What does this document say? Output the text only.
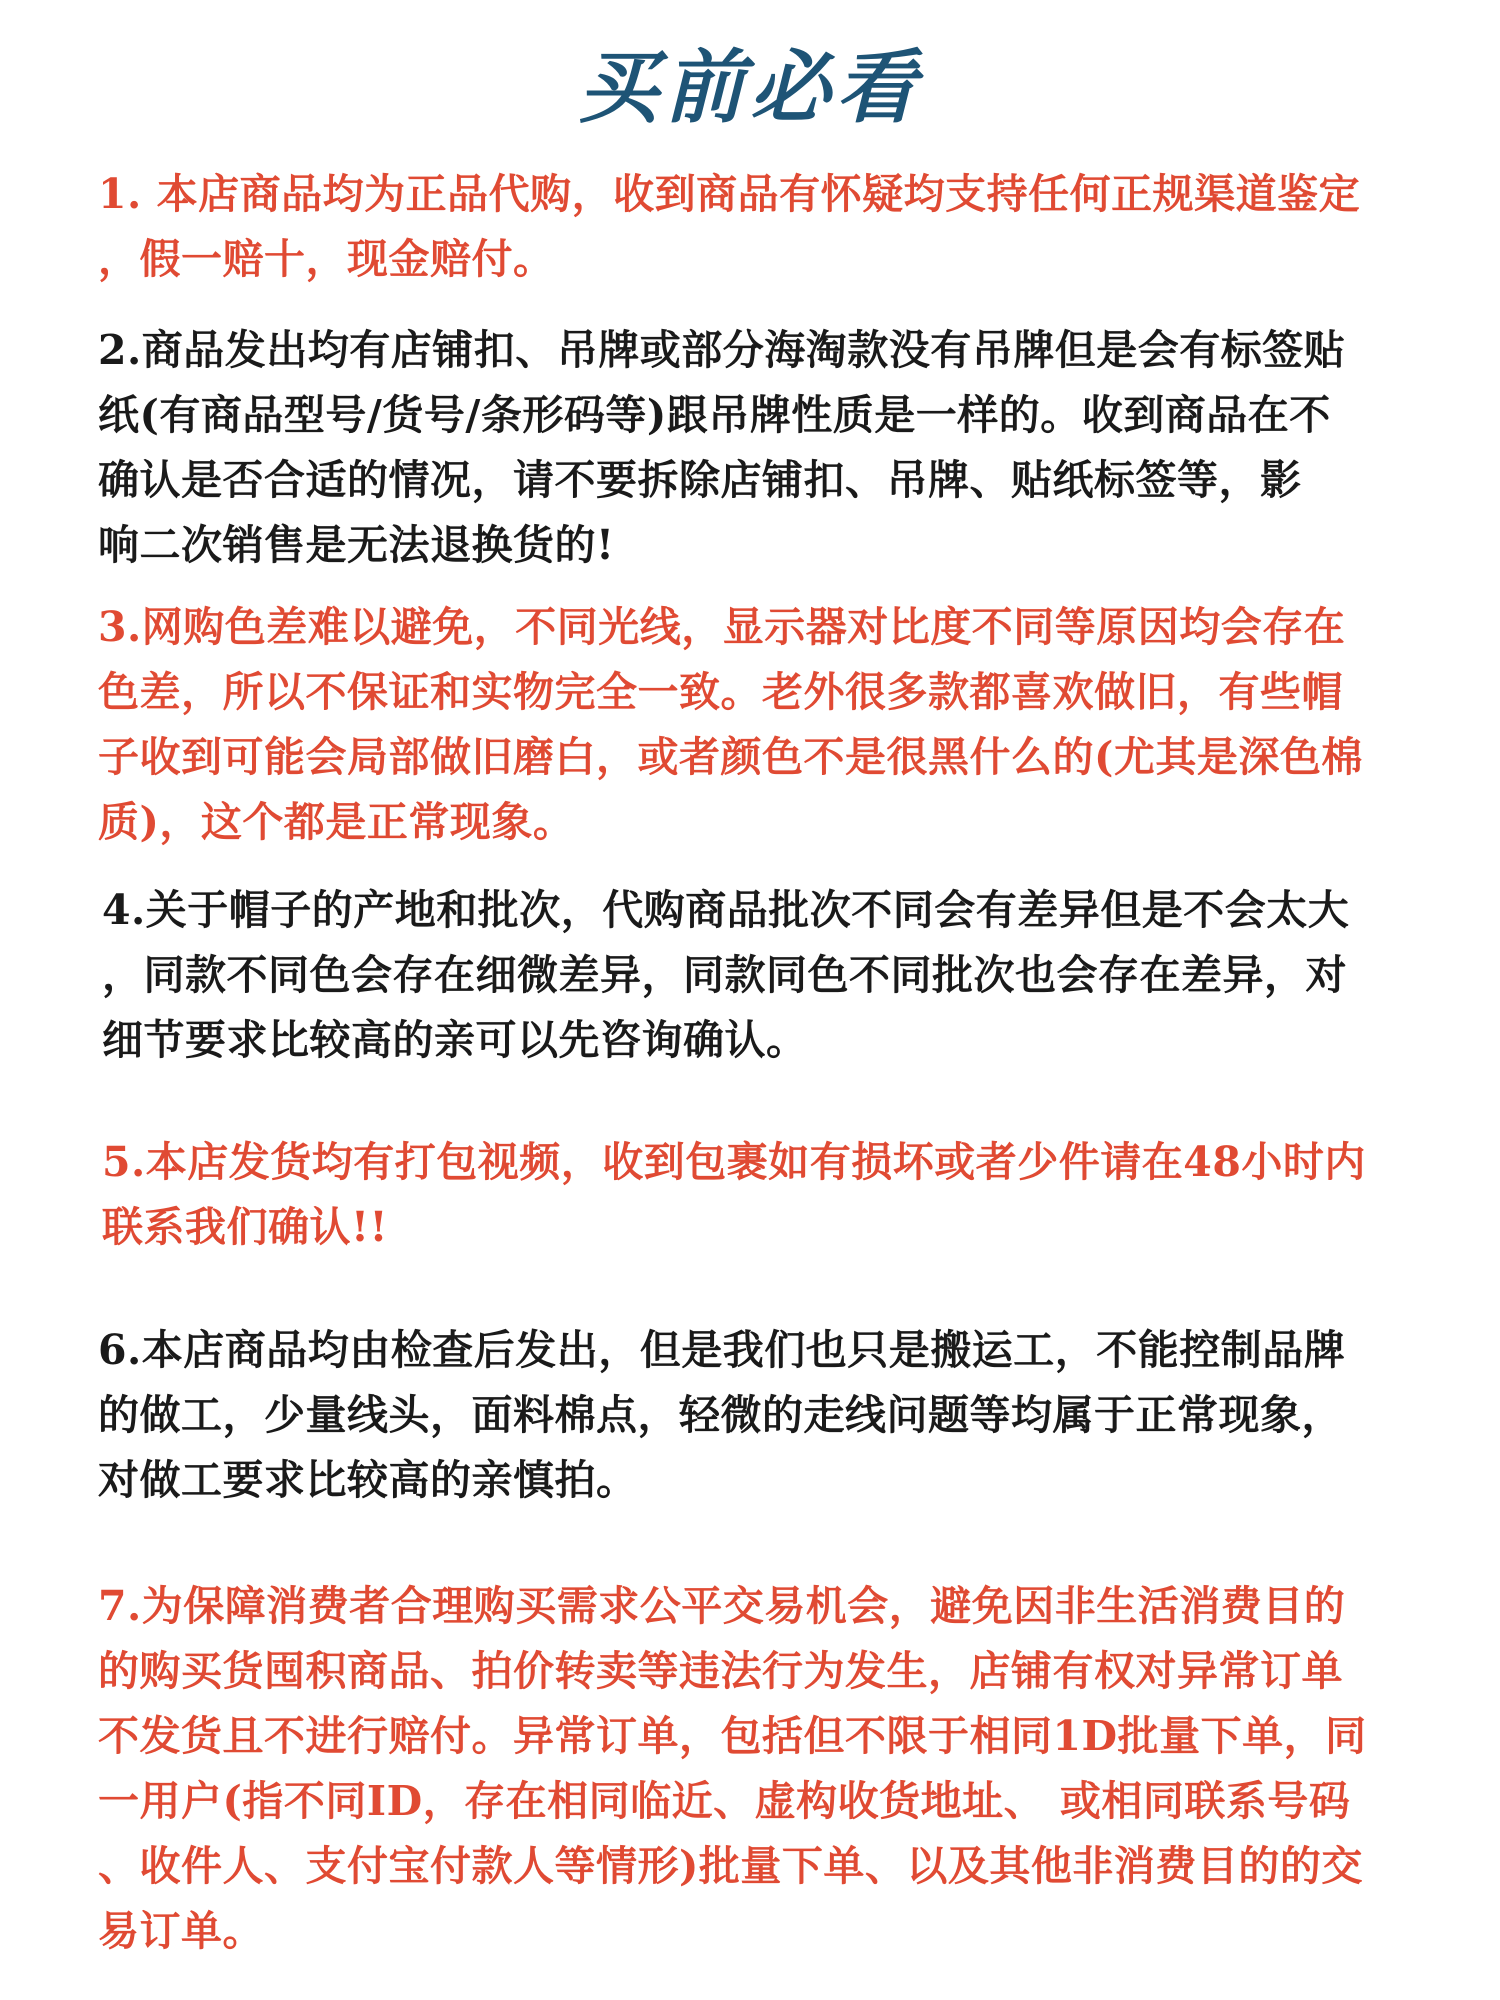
买前必看
1. 本店商品均为正品代购，收到商品有怀疑均支持任何正规渠道鉴定
，假一赔十，现金赔付。
2.商品发出均有店铺扣、吊牌或部分海淘款没有吊牌但是会有标签贴
纸(有商品型号/货号/条形码等)跟吊牌性质是一样的。收到商品在不
确认是否合适的情况，请不要拆除店铺扣、吊牌、贴纸标签等，影
响二次销售是无法退换货的!
3.网购色差难以避免，不同光线，显示器对比度不同等原因均会存在
色差，所以不保证和实物完全一致。老外很多款都喜欢做旧，有些帽
子收到可能会局部做旧磨白，或者颜色不是很黑什么的(尤其是深色棉
质)，这个都是正常现象。
4.关于帽子的产地和批次，代购商品批次不同会有差异但是不会太大
，同款不同色会存在细微差异，同款同色不同批次也会存在差异，对
细节要求比较高的亲可以先咨询确认。
5.本店发货均有打包视频，收到包裹如有损坏或者少件请在48小时内
联系我们确认!!
6.本店商品均由检查后发出，但是我们也只是搬运工，不能控制品牌
的做工，少量线头，面料棉点，轻微的走线问题等均属于正常现象，
对做工要求比较高的亲慎拍。
7.为保障消费者合理购买需求公平交易机会，避免因非生活消费目的
的购买货囤积商品、拍价转卖等违法行为发生，店铺有权对异常订单
不发货且不进行赔付。异常订单，包括但不限于相同1D批量下单，同
一用户(指不同ID，存在相同临近、虚构收货地址、 或相同联系号码
、收件人、支付宝付款人等情形)批量下单、以及其他非消费目的的交
易订单。
